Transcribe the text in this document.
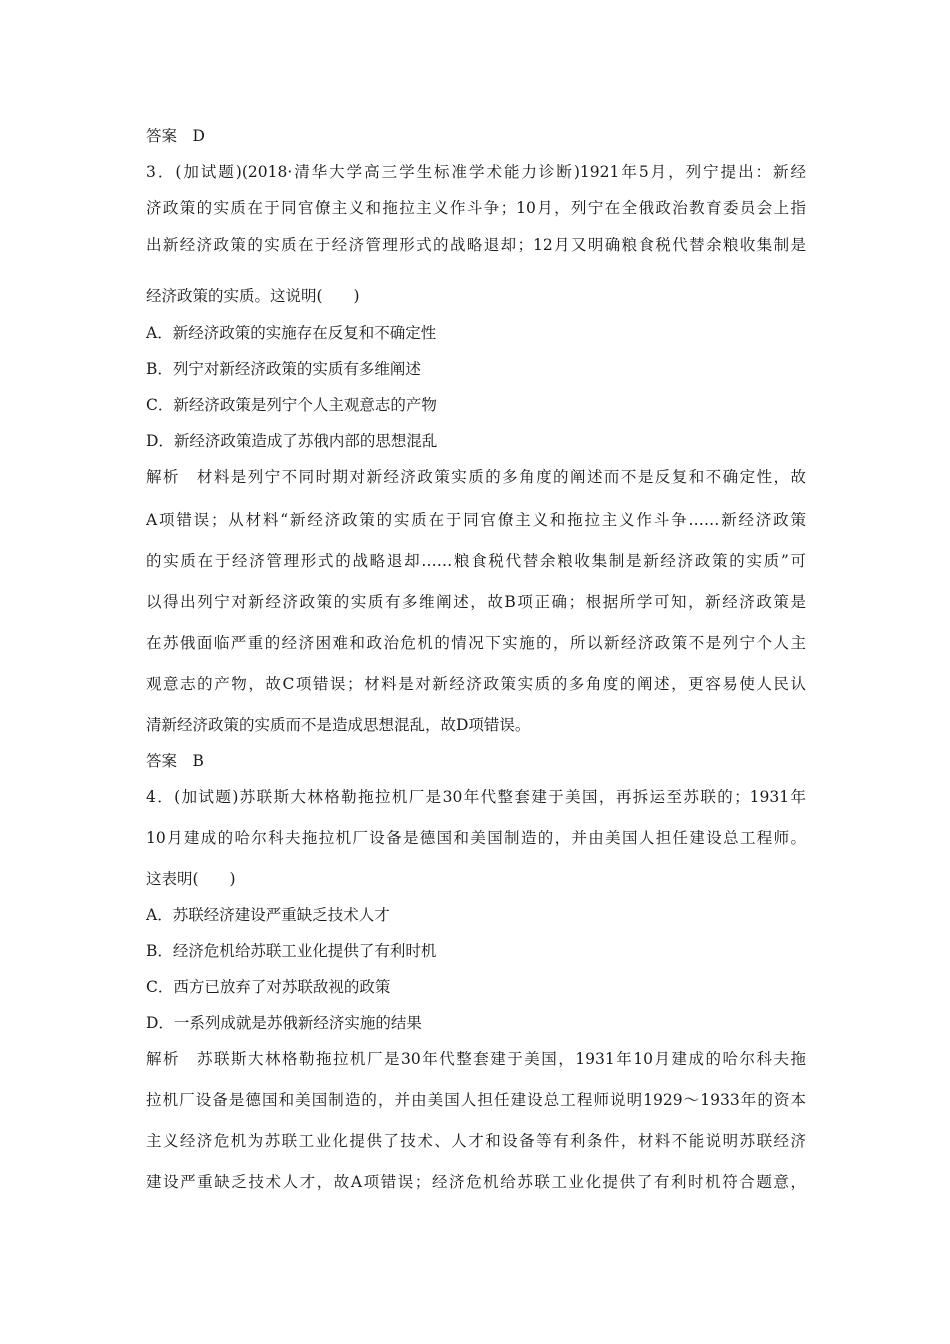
答案　D
3．(加试题)(2018·清华大学高三学生标准学术能力诊断)1921年5月，列宁提出：新经
济政策的实质在于同官僚主义和拖拉主义作斗争；10月，列宁在全俄政治教育委员会上指
出新经济政策的实质在于经济管理形式的战略退却；12月又明确粮食税代替余粮收集制是
经济政策的实质。这说明(　　)
A．新经济政策的实施存在反复和不确定性
B．列宁对新经济政策的实质有多维阐述
C．新经济政策是列宁个人主观意志的产物
D．新经济政策造成了苏俄内部的思想混乱
解析　材料是列宁不同时期对新经济政策实质的多角度的阐述而不是反复和不确定性，故
A项错误；从材料“新经济政策的实质在于同官僚主义和拖拉主义作斗争……新经济政策
的实质在于经济管理形式的战略退却……粮食税代替余粮收集制是新经济政策的实质”可
以得出列宁对新经济政策的实质有多维阐述，故B项正确；根据所学可知，新经济政策是
在苏俄面临严重的经济困难和政治危机的情况下实施的，所以新经济政策不是列宁个人主
观意志的产物，故C项错误；材料是对新经济政策实质的多角度的阐述，更容易使人民认
清新经济政策的实质而不是造成思想混乱，故D项错误。
答案　B
4．(加试题)苏联斯大林格勒拖拉机厂是30年代整套建于美国，再拆运至苏联的；1931年
10月建成的哈尔科夫拖拉机厂设备是德国和美国制造的，并由美国人担任建设总工程师。
这表明(　　)
A．苏联经济建设严重缺乏技术人才
B．经济危机给苏联工业化提供了有利时机
C．西方已放弃了对苏联敌视的政策
D．一系列成就是苏俄新经济实施的结果
解析　苏联斯大林格勒拖拉机厂是30年代整套建于美国，1931年10月建成的哈尔科夫拖
拉机厂设备是德国和美国制造的，并由美国人担任建设总工程师说明1929～1933年的资本
主义经济危机为苏联工业化提供了技术、人才和设备等有利条件，材料不能说明苏联经济
建设严重缺乏技术人才，故A项错误；经济危机给苏联工业化提供了有利时机符合题意，
